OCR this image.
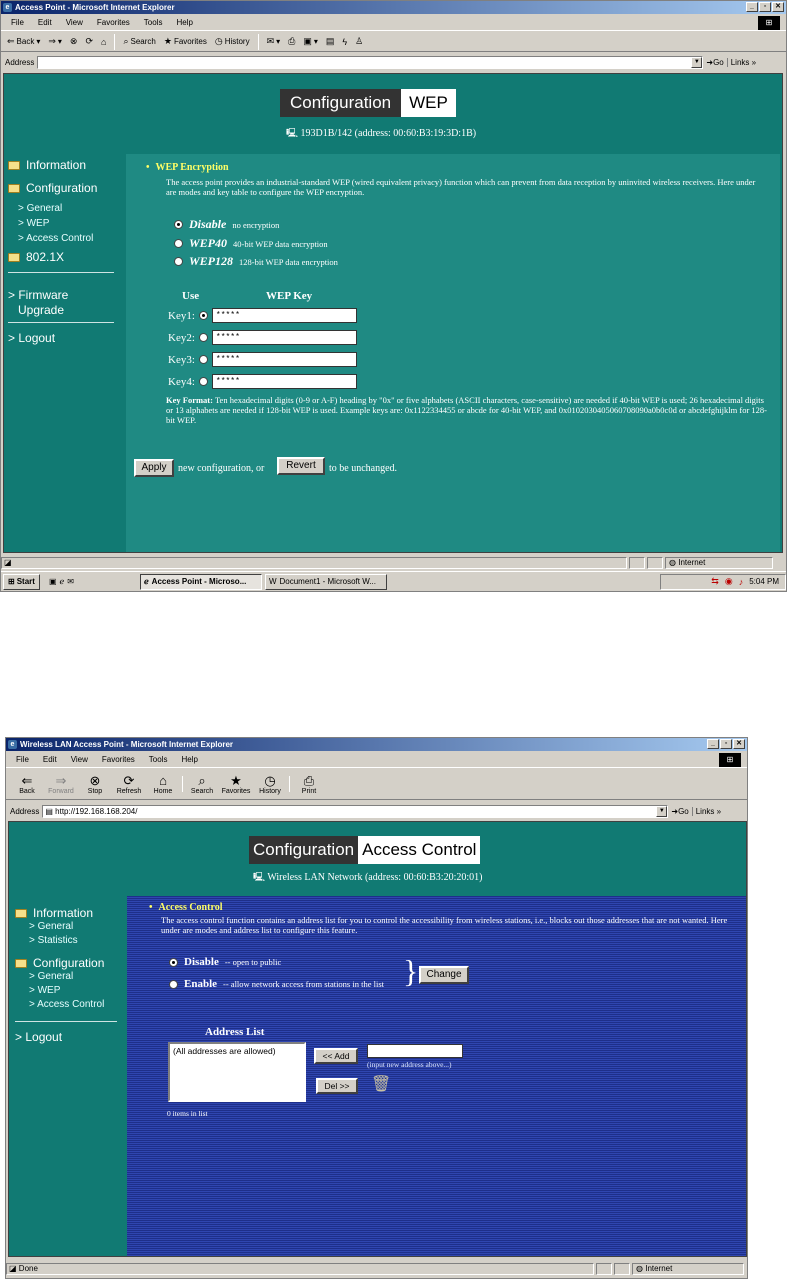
e Access Point - Microsoft Internet Explorer	_	▫	✕
File Edit View Favorites Tools Help	⊞
⇐ Back ▾ ⇒ ▾ ⊗ ⟳ ⌂ ⌕ Search ★ Favorites ◷ History ✉ ▾ ⎙ ▣ ▾ ▤ ϟ ♙
Address	▼ ➜Go Links »
Configuration	WEP
🖳 193D1B/142 (address: 00:60:B3:19:3D:1B)
Information
Configuration
> General
> WEP
> Access Control
802.1X
> Firmware
Upgrade
> Logout
• WEP Encryption
The access point provides an industrial-standard WEP (wired equivalent privacy) function which can prevent from data reception by uninvited wireless receivers. Here under are modes and key table to configure the WEP encryption.
Disable no encryption
WEP40 40-bit WEP data encryption
WEP128 128-bit WEP data encryption
Use	WEP Key
Key1:	*****
Key2:	*****
Key3:	*****
Key4:	*****
Key Format: Ten hexadecimal digits (0-9 or A-F) heading by "0x" or five alphabets (ASCII characters, case-sensitive) are needed if 40-bit WEP is used; 26 hexadecimal digits or 13 alphabets are needed if 128-bit WEP is used. Example keys are: 0x1122334455 or abcde for 40-bit WEP, and 0x0102030405060708090a0b0c0d or abcdefghijklm for 128-bit WEP.
Apply	new configuration, or	Revert	to be unchanged.
◪	◍ Internet
⊞ Start ▣ ℯ ✉	ℯ Access Point - Microso...	W Document1 - Microsoft W...	⇆ ◉ ♪ 5:04 PM
e Wireless LAN Access Point - Microsoft Internet Explorer	_	▫	✕
File Edit View Favorites Tools Help	⊞
⇐
Back
⇒
Forward
⊗
Stop
⟳
Refresh
⌂
Home
⌕
Search
★
Favorites
◷
History
⎙
Print
Address ▤ http://192.168.168.204/	▼ ➜Go Links »
Configuration Access Control
🖳 Wireless LAN Network (address: 00:60:B3:20:20:01)
Information
> General
> Statistics
Configuration
> General
> WEP
> Access Control
> Logout
• Access Control
The access control function contains an address list for you to control the accessibility from wireless stations, i.e., blocks out those addresses that are not wanted. Here under are modes and address list to configure this feature.
Disable -- open to public
Enable -- allow network access from stations in the list } Change
Address List
(All addresses are allowed)	<< Add
(input new address above...)
Del >>	🗑
0 items in list
◪ Done	◍ Internet
